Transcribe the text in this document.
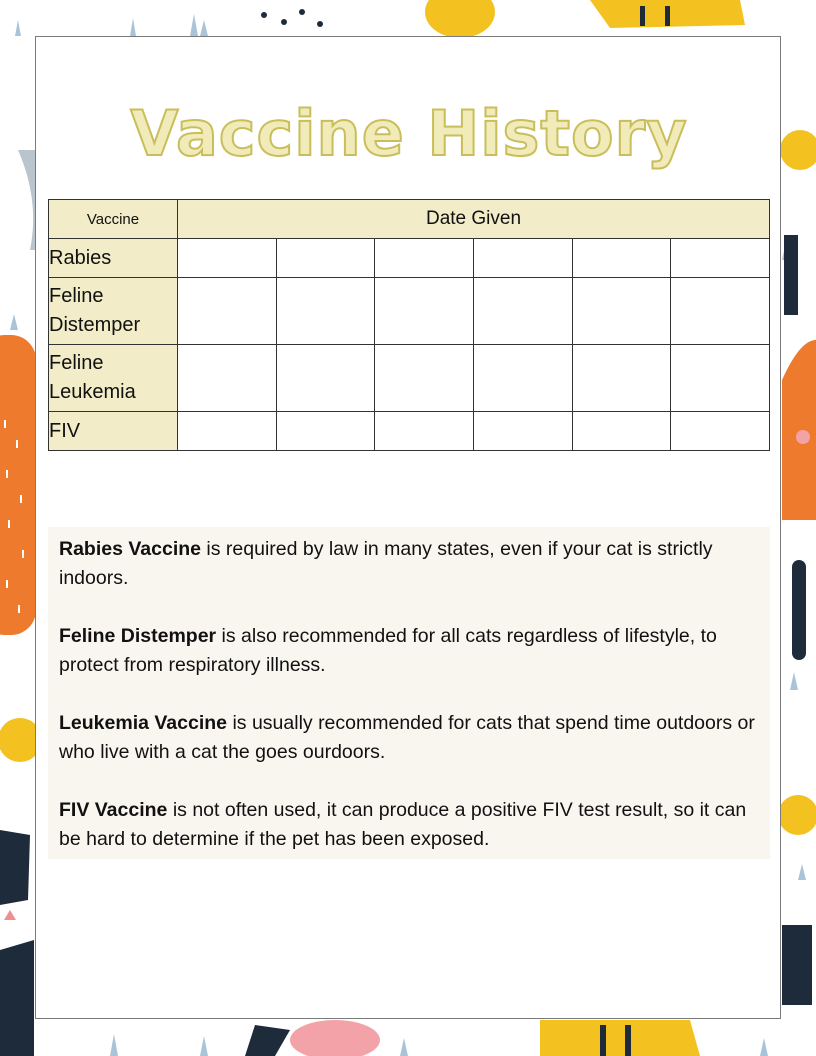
Vaccine History
Vaccine	Date Given					
Rabies						
Feline Distemper						
Feline Leukemia						
FIV						

Rabies Vaccine is required by law in many states, even if your cat is strictly indoors.

Feline Distemper is also recommended for all cats regardless of lifestyle, to protect from respiratory illness.

Leukemia Vaccine is usually recommended for cats that spend time outdoors or who live with a cat the goes ourdoors.

FIV Vaccine is not often used, it can produce a positive FIV test result, so it can be hard to determine if the pet has been exposed.
